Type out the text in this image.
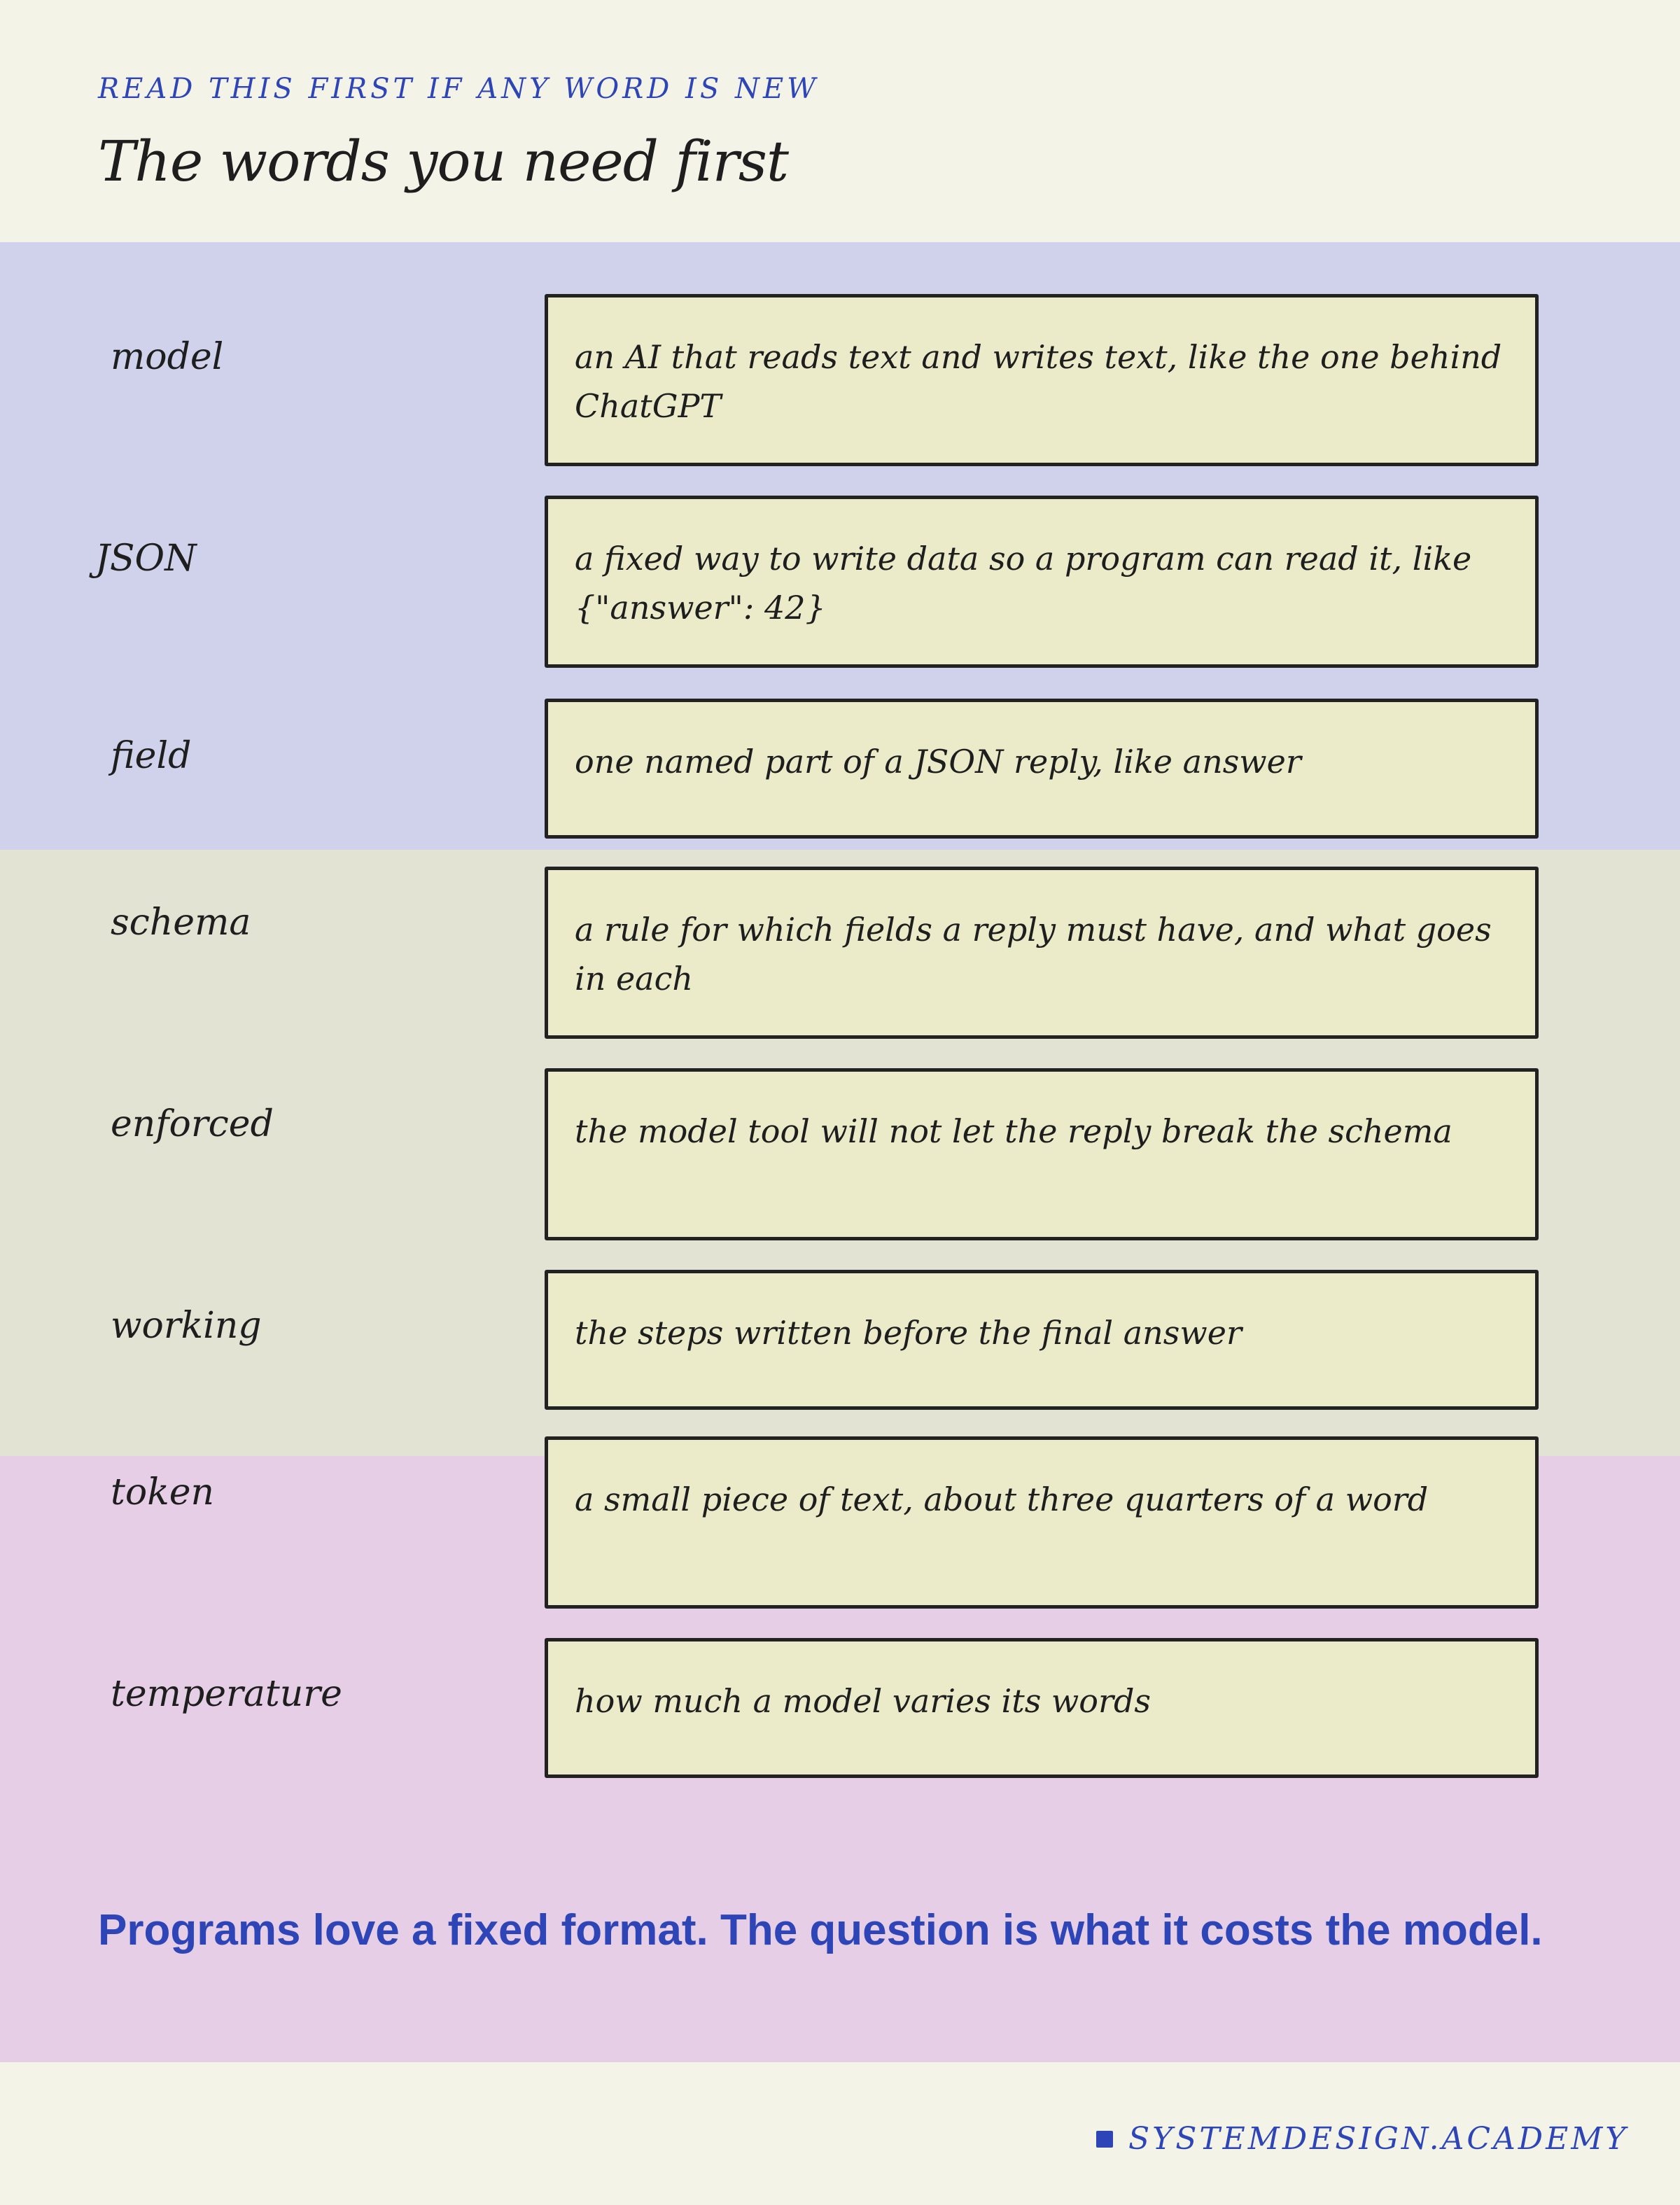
READ THIS FIRST IF ANY WORD IS NEW
The words you need first
model	an AI that reads text and writes text, like the one behind ChatGPT
JSON	a fixed way to write data so a program can read it, like {"answer": 42}
field	one named part of a JSON reply, like answer
schema	a rule for which fields a reply must have, and what goes in each
enforced	the model tool will not let the reply break the schema
working	the steps written before the final answer
token	a small piece of text, about three quarters of a word
temperature	how much a model varies its words
Programs love a fixed format. The question is what it costs the model.
SYSTEMDESIGN.ACADEMY
